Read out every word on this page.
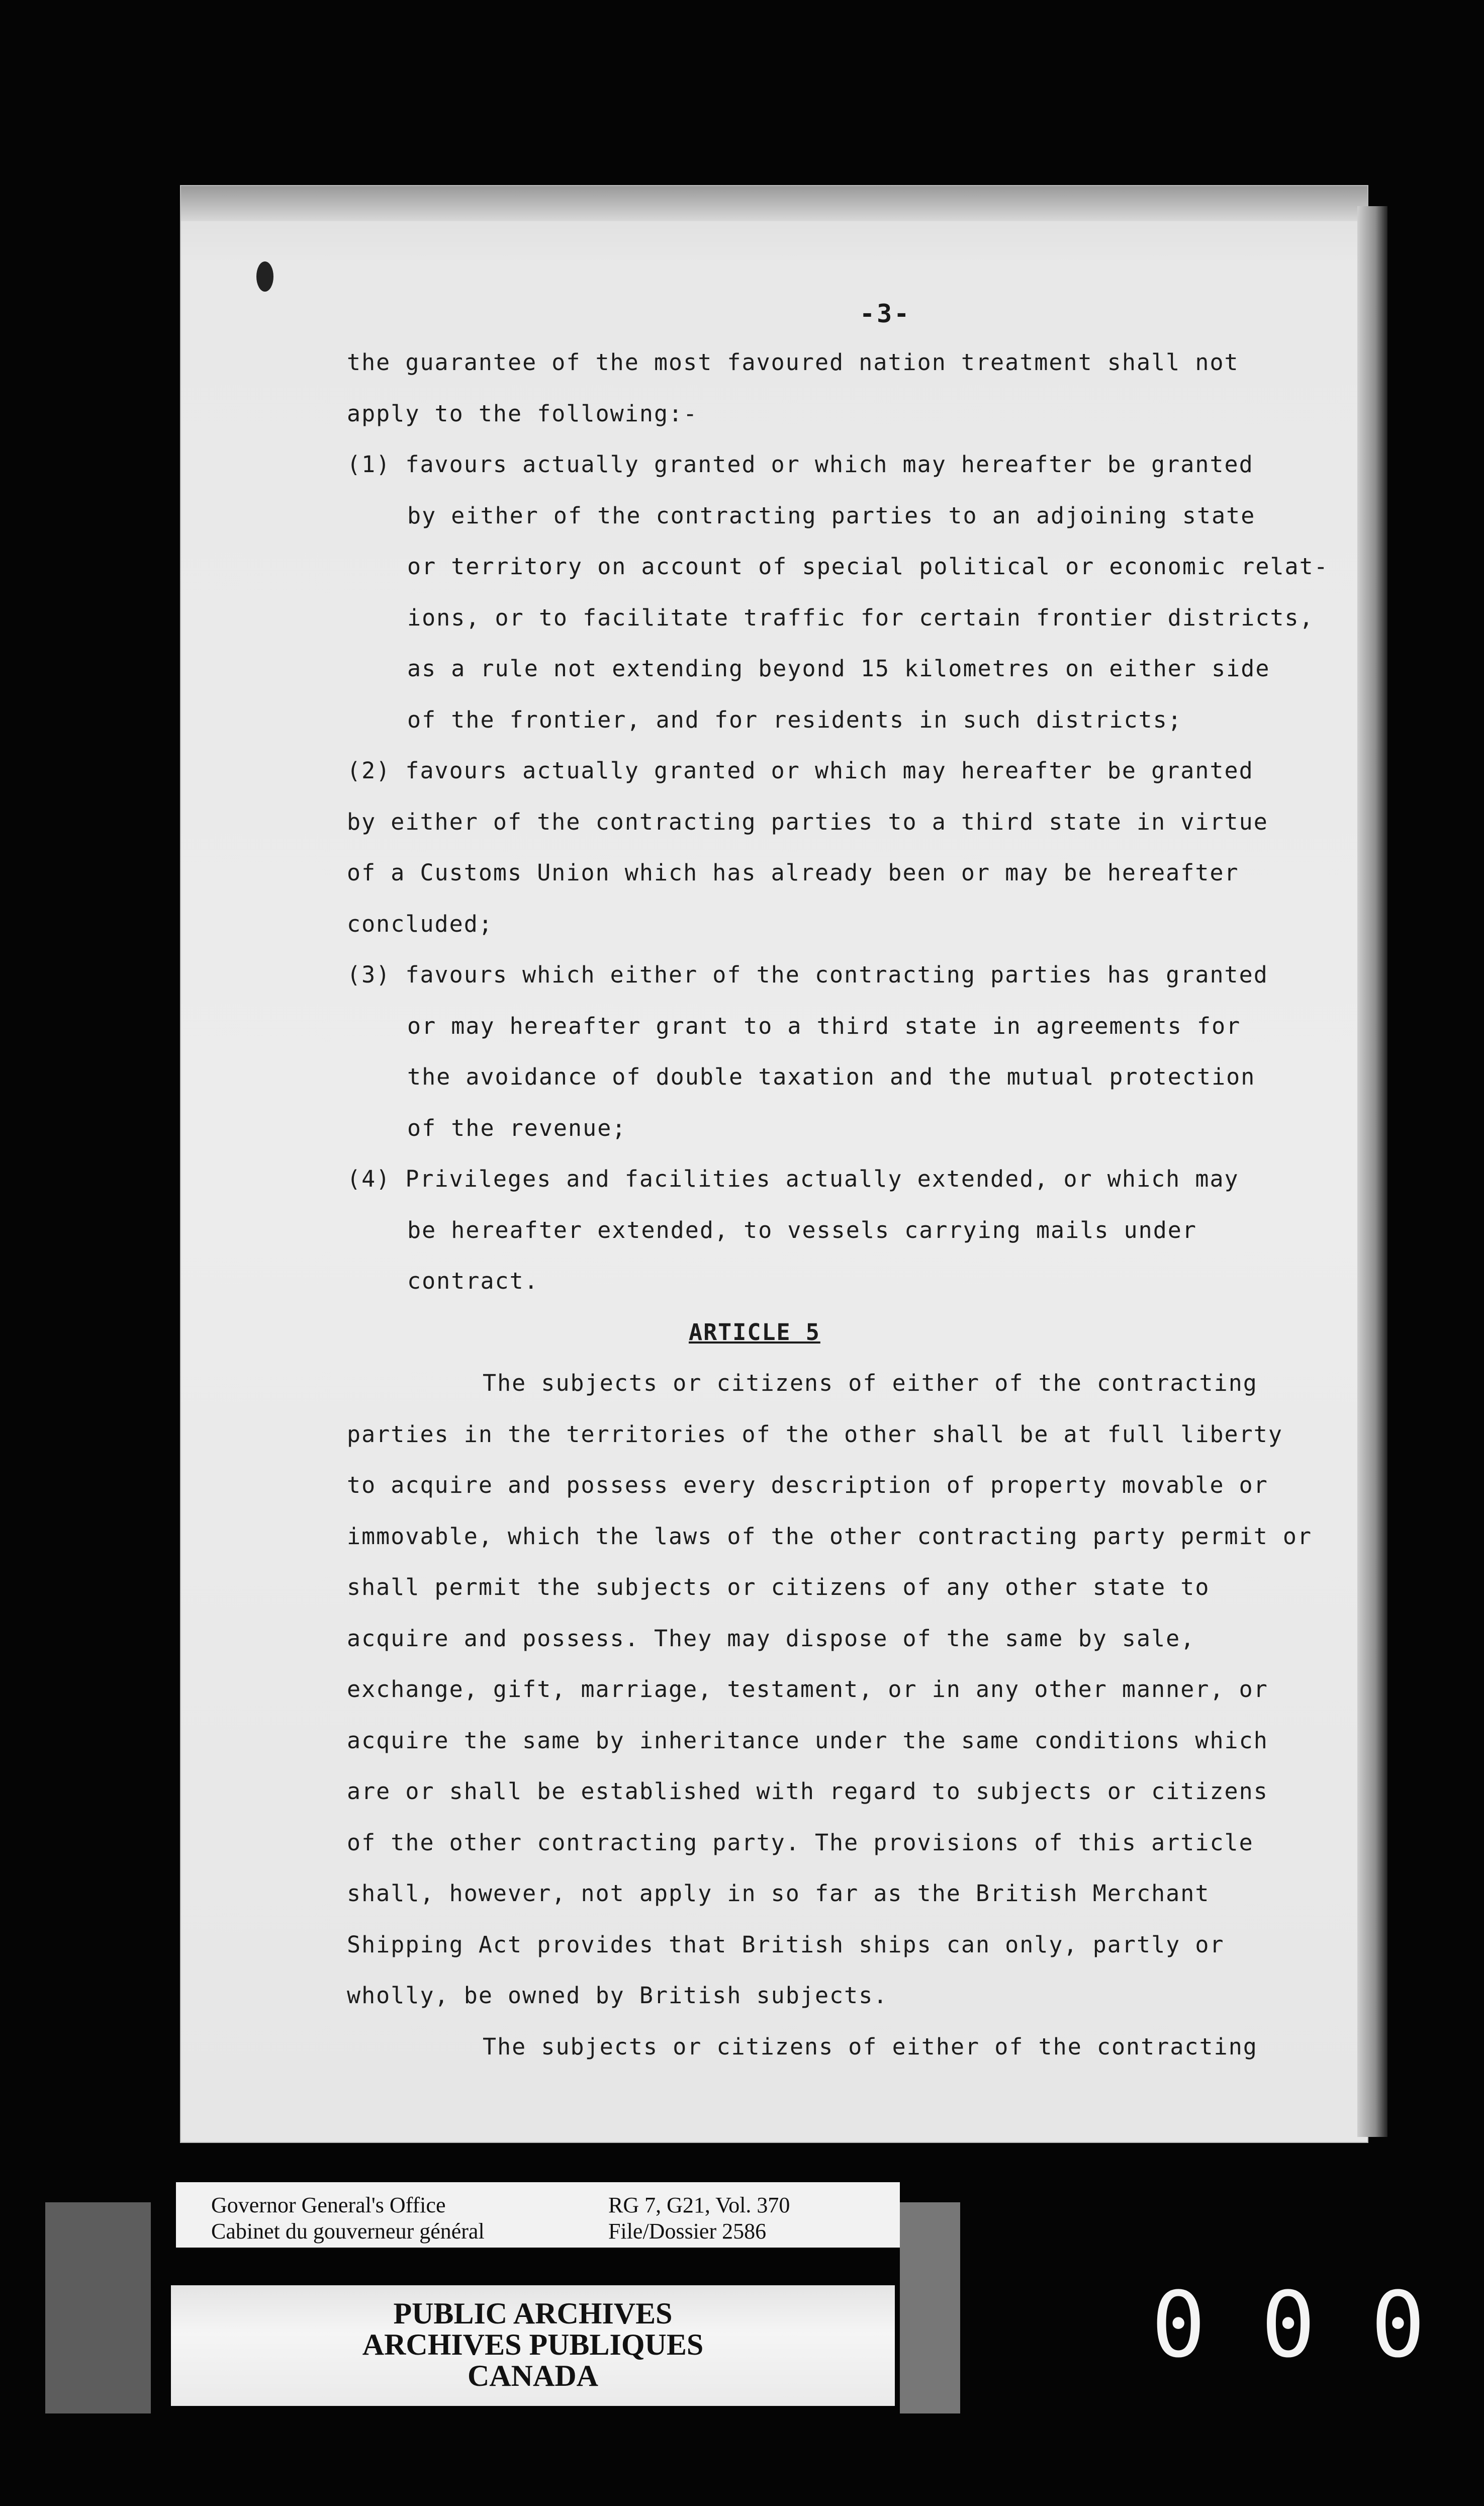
-3-
the guarantee of the most favoured nation treatment shall not
apply to the following:-
(1) favours actually granted or which may hereafter be granted
by either of the contracting parties to an adjoining state
or territory on account of special political or economic relat-
ions, or to facilitate traffic for certain frontier districts,
as a rule not extending beyond 15 kilometres on either side
of the frontier, and for residents in such districts;
(2) favours actually granted or which may hereafter be granted
by either of the contracting parties to a third state in virtue
of a Customs Union which has already been or may be hereafter
concluded;
(3) favours which either of the contracting parties has granted
or may hereafter grant to a third state in agreements for
the avoidance of double taxation and the mutual protection
of the revenue;
(4) Privileges and facilities actually extended, or which may
be hereafter extended, to vessels carrying mails under
contract.
ARTICLE 5
The subjects or citizens of either of the contracting
parties in the territories of the other shall be at full liberty
to acquire and possess every description of property movable or
immovable, which the laws of the other contracting party permit or
shall permit the subjects or citizens of any other state to
acquire and possess. They may dispose of the same by sale,
exchange, gift, marriage, testament, or in any other manner, or
acquire the same by inheritance under the same conditions which
are or shall be established with regard to subjects or citizens
of the other contracting party. The provisions of this article
shall, however, not apply in so far as the British Merchant
Shipping Act provides that British ships can only, partly or
wholly, be owned by British subjects.
The subjects or citizens of either of the contracting
Governor General's Office
Cabinet du gouverneur général
RG 7, G21, Vol. 370
File/Dossier 2586
PUBLIC ARCHIVES
ARCHIVES PUBLIQUES
CANADA	000
